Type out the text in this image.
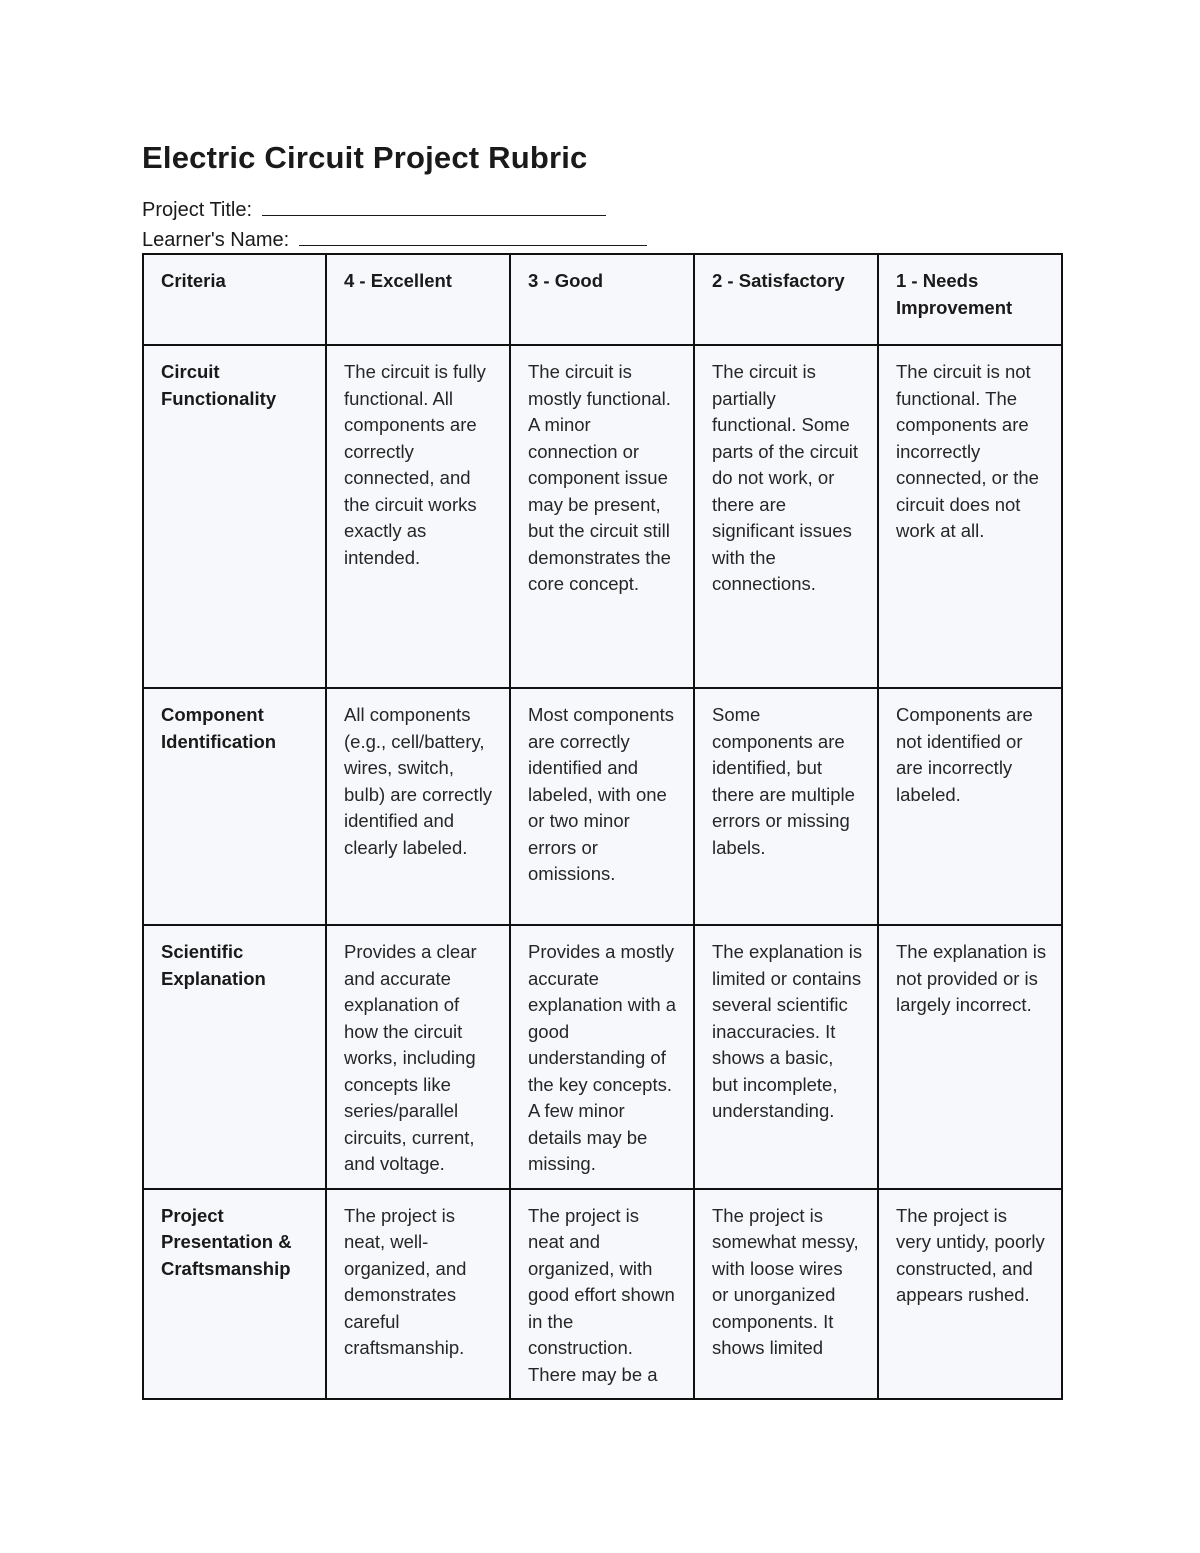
Electric Circuit Project Rubric
Project Title:
Learner's Name:
Criteria	4 - Excellent	3 - Good	2 - Satisfactory	1 - Needs Improvement
Circuit Functionality	The circuit is fully functional. All components are correctly connected, and the circuit works exactly as intended.	The circuit is mostly functional. A minor connection or component issue may be present, but the circuit still demonstrates the core concept.	The circuit is partially functional. Some parts of the circuit do not work, or there are significant issues with the connections.	The circuit is not functional. The components are incorrectly connected, or the circuit does not work at all.
Component Identification	All components (e.g., cell/battery, wires, switch, bulb) are correctly identified and clearly labeled.	Most components are correctly identified and labeled, with one or two minor errors or omissions.	Some components are identified, but there are multiple errors or missing labels.	Components are not identified or are incorrectly labeled.
Scientific Explanation	Provides a clear and accurate explanation of how the circuit works, including concepts like series/parallel circuits, current, and voltage.	Provides a mostly accurate explanation with a good understanding of the key concepts. A few minor details may be missing.	The explanation is limited or contains several scientific inaccuracies. It shows a basic, but incomplete, understanding.	The explanation is not provided or is largely incorrect.
Project Presentation & Craftsmanship	The project is neat, well-organized, and demonstrates careful craftsmanship.	The project is neat and organized, with good effort shown in the construction. There may be a	The project is somewhat messy, with loose wires or unorganized components. It shows limited	The project is very untidy, poorly constructed, and appears rushed.
